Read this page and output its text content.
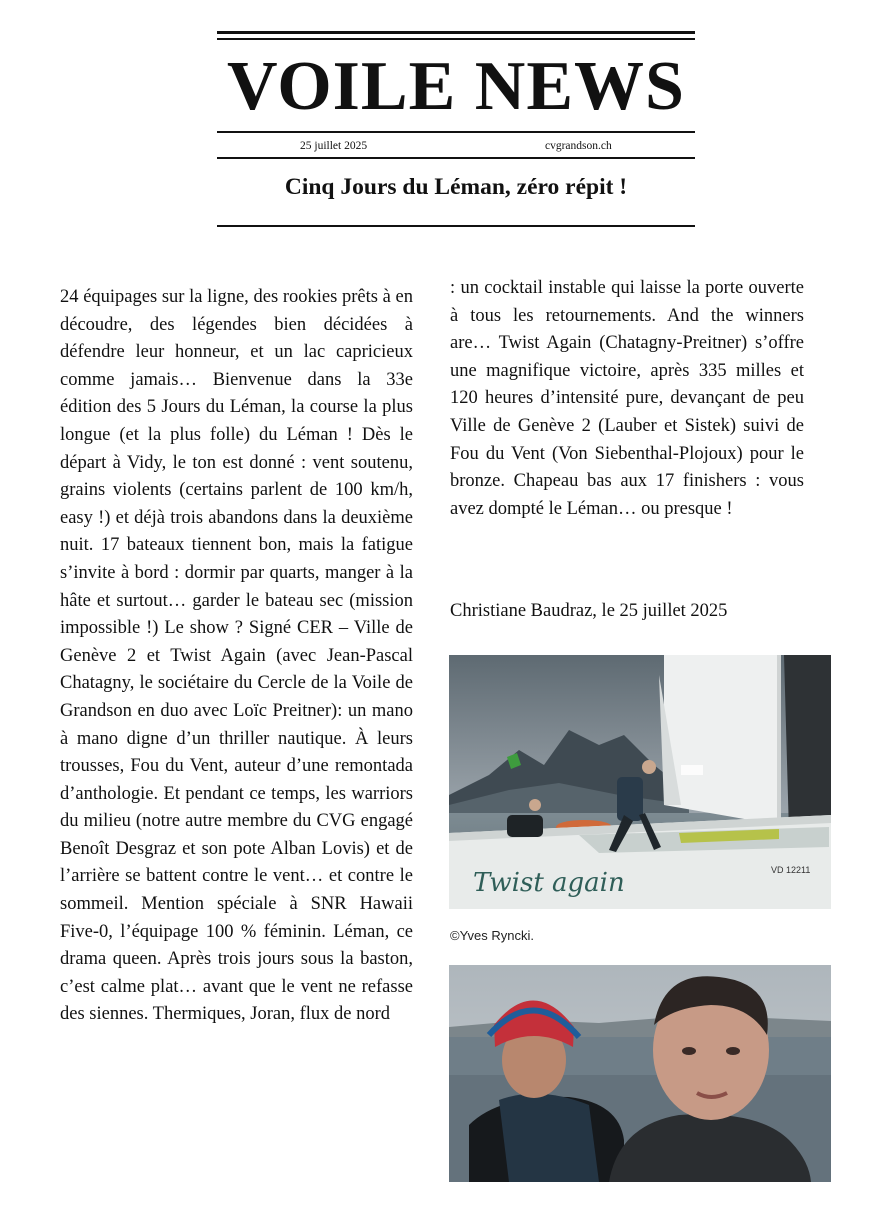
VOILE NEWS
25 juillet 2025	cvgrandson.ch
Cinq Jours du Léman, zéro répit !
24 équipages sur la ligne, des rookies prêts à en découdre, des légendes bien décidées à défendre leur honneur, et un lac capricieux comme jamais… Bienvenue dans la 33e édition des 5 Jours du Léman, la course la plus longue (et la plus folle) du Léman ! Dès le départ à Vidy, le ton est donné : vent soutenu, grains violents (certains parlent de 100 km/h, easy !) et déjà trois abandons dans la deuxième nuit. 17 bateaux tiennent bon, mais la fatigue s’invite à bord : dormir par quarts, manger à la hâte et surtout… garder le bateau sec (mission impossible !) Le show ? Signé CER – Ville de Genève 2 et Twist Again (avec Jean-Pascal Chatagny, le sociétaire du Cercle de la Voile de Grandson en duo avec Loïc Preitner): un mano à mano digne d’un thriller nautique. À leurs trousses, Fou du Vent, auteur d’une remontada d’anthologie. Et pendant ce temps, les warriors du milieu (notre autre membre du CVG engagé Benoît Desgraz et son pote Alban Lovis) et de l’arrière se battent contre le vent… et contre le sommeil. Mention spéciale à SNR Hawaii Five-0, l’équipage 100 % féminin. Léman, ce drama queen. Après trois jours sous la baston, c’est calme plat… avant que le vent ne refasse des siennes. Thermiques, Joran, flux de nord
: un cocktail instable qui laisse la porte ouverte à tous les retournements. And the winners are… Twist Again (Chatagny-Preitner) s’offre une magnifique victoire, après 335 milles et 120 heures d’intensité pure, devançant de peu Ville de Genève 2 (Lauber et Sistek) suivi de Fou du Vent (Von Siebenthal-Plojoux) pour le bronze. Chapeau bas aux 17 finishers : vous avez dompté le Léman… ou presque !
Christiane Baudraz, le 25 juillet 2025
Twist again	VD 12211
©Yves Ryncki.
